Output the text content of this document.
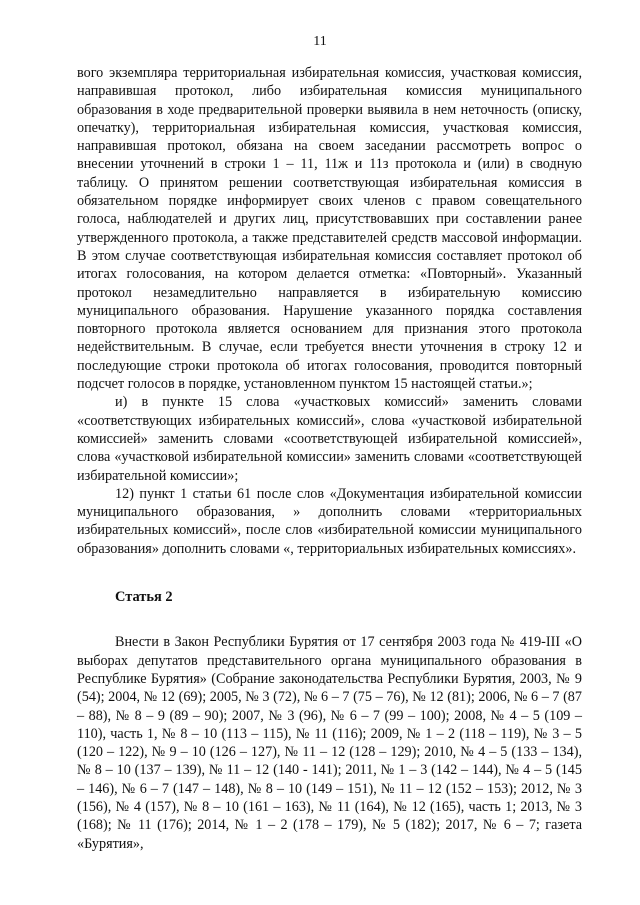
11

вого экземпляра территориальная избирательная комиссия, участковая комиссия, направившая протокол, либо избирательная комиссия муниципального образования в ходе предварительной проверки выявила в нем неточность (описку, опечатку), территориальная избирательная комиссия, участковая комиссия, направившая протокол, обязана на своем заседании рассмотреть вопрос о внесении уточнений в строки 1 – 11, 11ж и 11з протокола и (или) в сводную таблицу. О принятом решении соответствующая избирательная комиссия в обязательном порядке информирует своих членов с правом совещательного голоса, наблюдателей и других лиц, присутствовавших при составлении ранее утвержденного протокола, а также представителей средств массовой информации. В этом случае соответствующая избирательная комиссия составляет протокол об итогах голосования, на котором делается отметка: «Повторный». Указанный протокол незамедлительно направляется в избирательную комиссию муниципального образования. Нарушение указанного порядка составления повторного протокола является основанием для признания этого протокола недействительным. В случае, если требуется внести уточнения в строку 12 и последующие строки протокола об итогах голосования, проводится повторный подсчет голосов в порядке, установленном пунктом 15 настоящей статьи.»;

и) в пункте 15 слова «участковых комиссий» заменить словами «соответствующих избирательных комиссий», слова «участковой избирательной комиссией» заменить словами «соответствующей избирательной комиссией», слова «участковой избирательной комиссии» заменить словами «соответствующей избирательной комиссии»;

12) пункт 1 статьи 61 после слов «Документация избирательной комиссии муниципального образования, » дополнить словами «территориальных избирательных комиссий», после слов «избирательной комиссии муниципального образования» дополнить словами «, территориальных избирательных комиссиях».

Статья 2

Внести в Закон Республики Бурятия от 17 сентября 2003 года № 419-III «О выборах депутатов представительного органа муниципального образования в Республике Бурятия» (Собрание законодательства Республики Бурятия, 2003, № 9 (54); 2004, № 12 (69); 2005, № 3 (72), № 6 – 7 (75 – 76), № 12 (81); 2006, № 6 – 7 (87 – 88), № 8 – 9 (89 – 90); 2007, № 3 (96), № 6 – 7 (99 – 100); 2008, № 4 – 5 (109 – 110), часть 1, № 8 – 10 (113 – 115), № 11 (116); 2009, № 1 – 2 (118 – 119), № 3 – 5 (120 – 122), № 9 – 10 (126 – 127), № 11 – 12 (128 – 129); 2010, № 4 – 5 (133 – 134), № 8 – 10 (137 – 139), № 11 – 12 (140 - 141); 2011, № 1 – 3 (142 – 144), № 4 – 5 (145 – 146), № 6 – 7 (147 – 148), № 8 – 10 (149 – 151), № 11 – 12 (152 – 153); 2012, № 3 (156), № 4 (157), № 8 – 10 (161 – 163), № 11 (164), № 12 (165), часть 1; 2013, № 3 (168); № 11 (176); 2014, № 1 – 2 (178 – 179), № 5 (182); 2017, № 6 – 7; газета «Бурятия»,
